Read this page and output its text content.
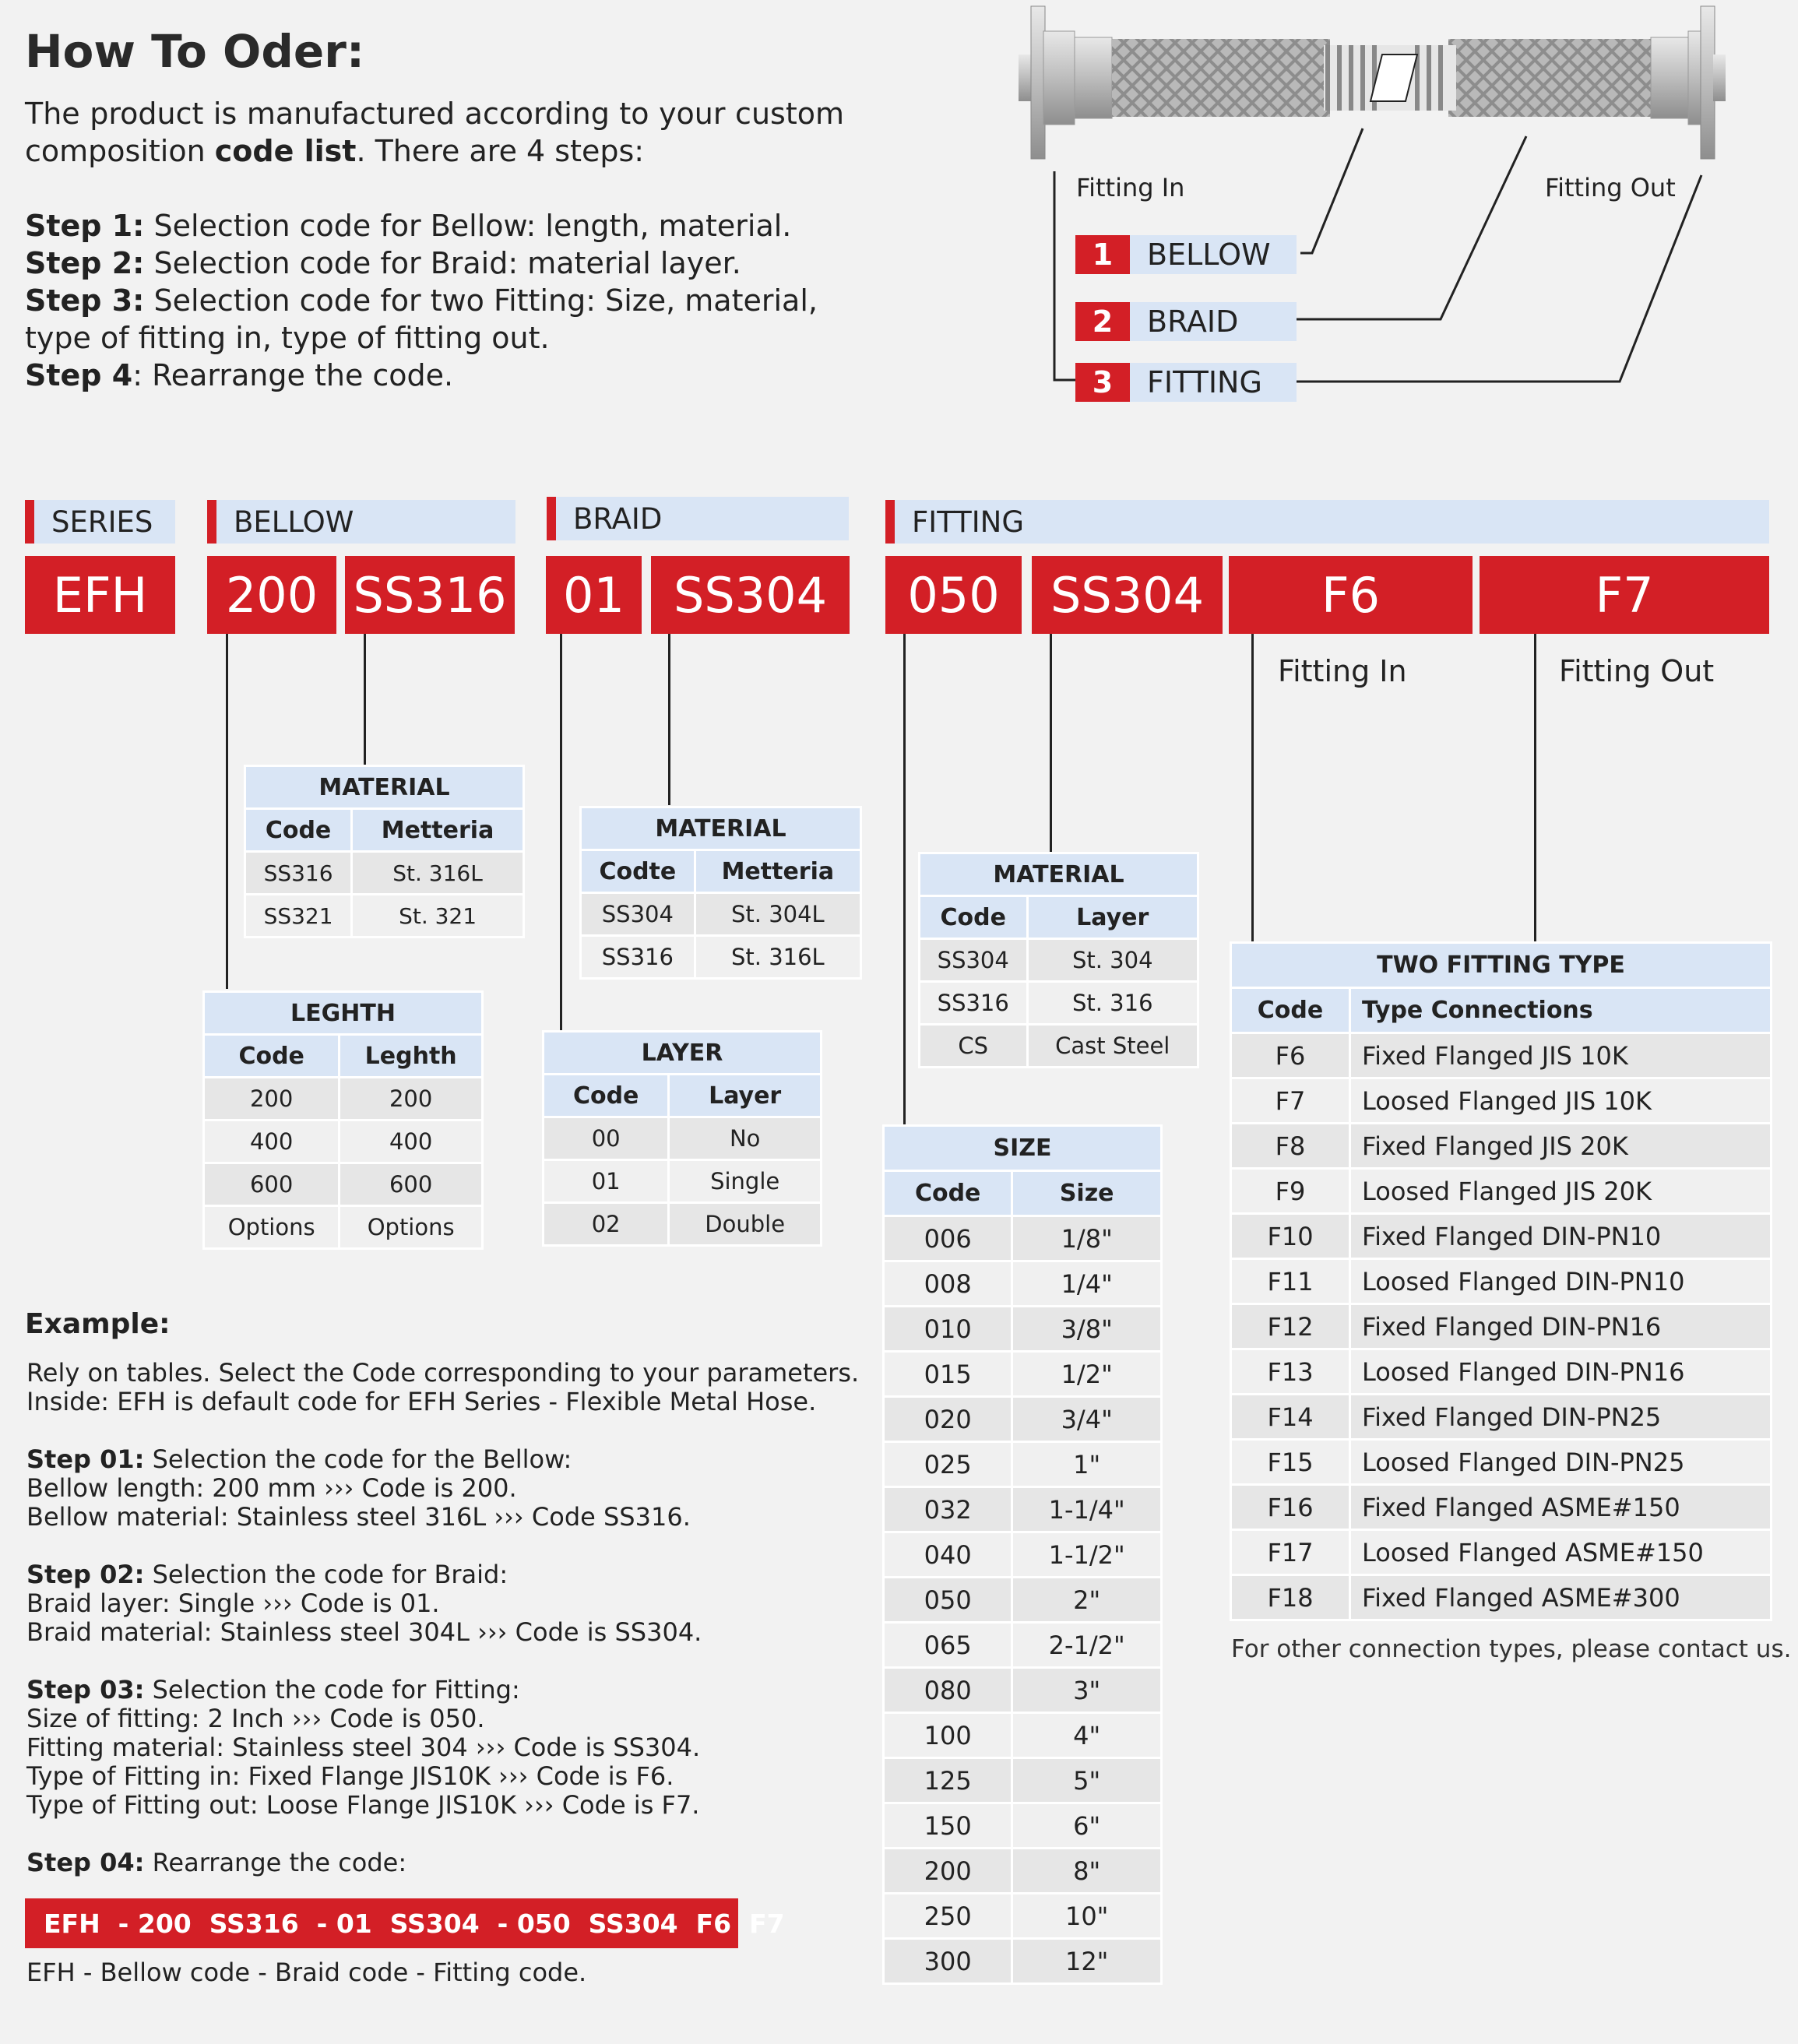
How To Oder:
The product is manufactured according to your custom composition code list. There are 4 steps:
Step 1: Selection code for Bellow: length, material.
Step 2: Selection code for Braid: material layer.
Step 3: Selection code for two Fitting: Size, material,
type of fitting in, type of fitting out.
Step 4: Rearrange the code.
Fitting In	Fitting Out
1	BELLOW
2	BRAID
3	FITTING
SERIES	BELLOW	BRAID	FITTING
EFH	200 SS316	01	SS304	050	SS304	F6	F7
Fitting In	Fitting Out
MATERIAL	
Code	Metteria
SS316	St. 316L
SS321	St. 321
LEGHTH	
Code	Leghth
200	200
400	400
600	600
Options	Options
MATERIAL	
Codte	Metteria
SS304	St. 304L
SS316	St. 316L
LAYER	
Code	Layer
00	No
01	Single
02	Double
MATERIAL	
Code	Layer
SS304	St. 304
SS316	St. 316
CS	Cast Steel
SIZE	
Code	Size
006	1/8"
008	1/4"
010	3/8"
015	1/2"
020	3/4"
025	1"
032	1-1/4"
040	1-1/2"
050	2"
065	2-1/2"
080	3"
100	4"
125	5"
150	6"
200	8"
250	10"
300	12"
TWO FITTING TYPE	
Code	Type Connections
F6	Fixed Flanged JIS 10K
F7	Loosed Flanged JIS 10K
F8	Fixed Flanged JIS 20K
F9	Loosed Flanged JIS 20K
F10	Fixed Flanged DIN-PN10
F11	Loosed Flanged DIN-PN10
F12	Fixed Flanged DIN-PN16
F13	Loosed Flanged DIN-PN16
F14	Fixed Flanged DIN-PN25
F15	Loosed Flanged DIN-PN25
F16	Fixed Flanged ASME#150
F17	Loosed Flanged ASME#150
F18	Fixed Flanged ASME#300
For other connection types, please contact us.
Example:
Rely on tables. Select the Code corresponding to your parameters.
Inside: EFH is default code for EFH Series - Flexible Metal Hose.
Step 01: Selection the code for the Bellow:
Bellow length: 200 mm ››› Code is 200.
Bellow material: Stainless steel 316L ››› Code SS316.
Step 02: Selection the code for Braid:
Braid layer: Single ››› Code is 01.
Braid material: Stainless steel 304L ››› Code is SS304.
Step 03: Selection the code for Fitting:
Size of fitting: 2 Inch ››› Code is 050.
Fitting material: Stainless steel 304 ››› Code is SS304.
Type of Fitting in: Fixed Flange JIS10K ››› Code is F6.
Type of Fitting out: Loose Flange JIS10K ››› Code is F7.
Step 04: Rearrange the code:
EFH  - 200  SS316  - 01  SS304  - 050  SS304  F6  F7
EFH - Bellow code - Braid code - Fitting code.
